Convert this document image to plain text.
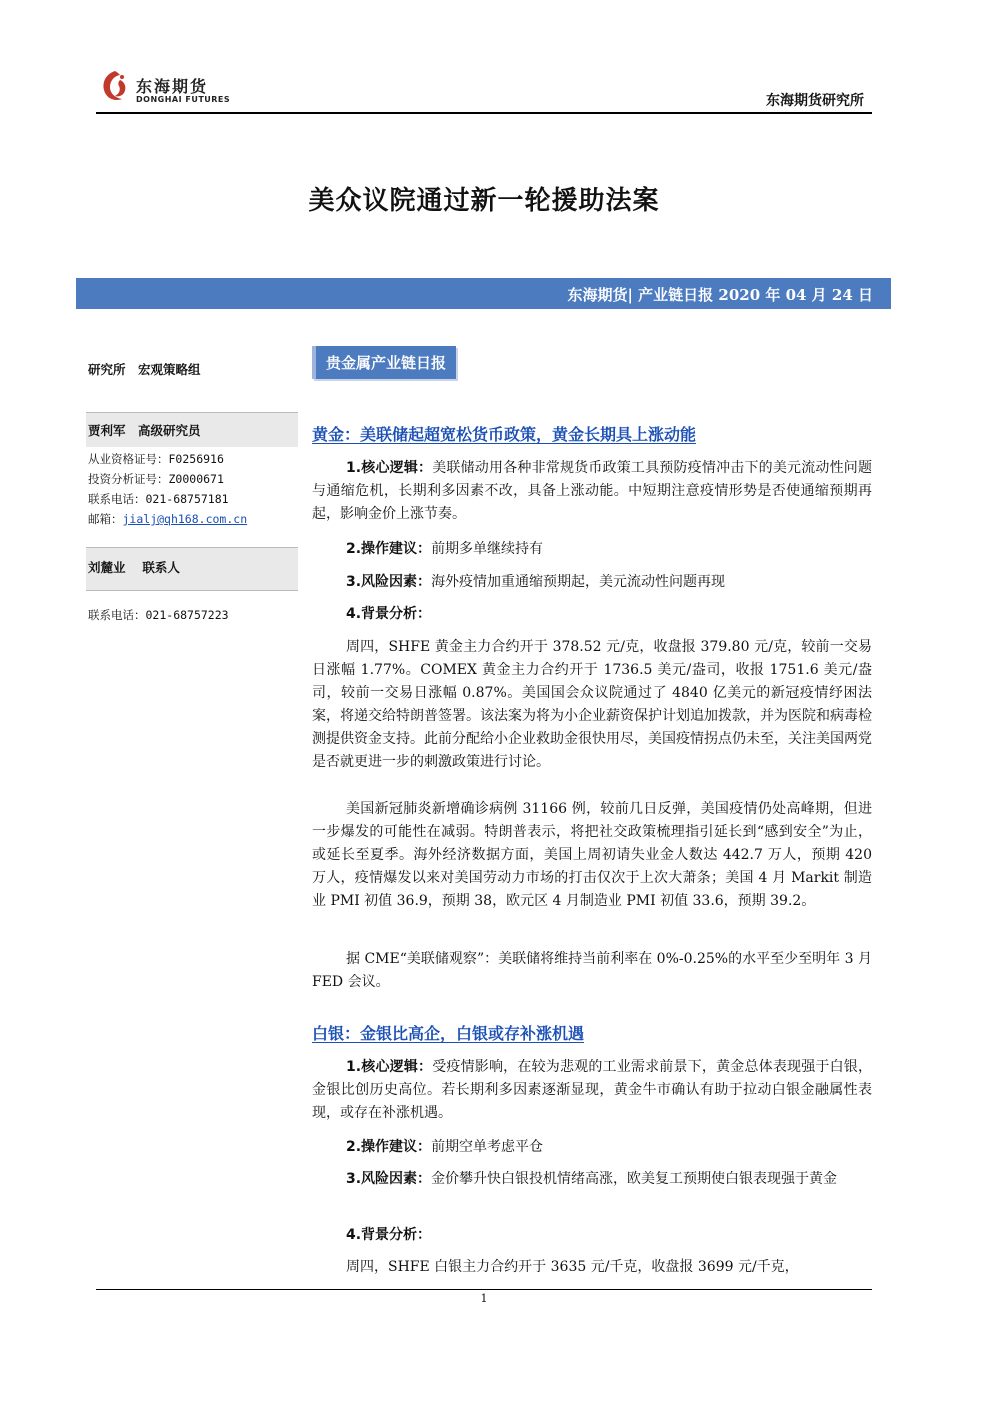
东海期货
DONGHAI FUTURES	东海期货研究所
美众议院通过新一轮援助法案
东海期货| 产业链日报 2020 年 04 月 24 日
研究所　宏观策略组
贾利军　高级研究员
从业资格证号：F0256916
投资分析证号：Z0000671
联系电话：021-68757181
邮箱：jialj@qh168.com.cn
刘麓业　 联系人
联系电话：021-68757223
贵金属产业链日报
黄金：美联储起超宽松货币政策，黄金长期具上涨动能

1.核心逻辑：美联储动用各种非常规货币政策工具预防疫情冲击下的美元流动性问题与通缩危机，长期利多因素不改，具备上涨动能。中短期注意疫情形势是否使通缩预期再起，影响金价上涨节奏。

2.操作建议：前期多单继续持有

3.风险因素：海外疫情加重通缩预期起，美元流动性问题再现

4.背景分析：

周四，SHFE 黄金主力合约开于 378.52 元/克，收盘报 379.80 元/克，较前一交易日涨幅 1.77%。COMEX 黄金主力合约开于 1736.5 美元/盎司，收报 1751.6 美元/盎司，较前一交易日涨幅 0.87%。美国国会众议院通过了 4840 亿美元的新冠疫情纾困法案，将递交给特朗普签署。该法案为将为小企业薪资保护计划追加拨款，并为医院和病毒检测提供资金支持。此前分配给小企业救助金很快用尽，美国疫情拐点仍未至，关注美国两党是否就更进一步的刺激政策进行讨论。

美国新冠肺炎新增确诊病例 31166 例，较前几日反弹，美国疫情仍处高峰期，但进一步爆发的可能性在减弱。特朗普表示，将把社交政策梳理指引延长到“感到安全”为止，或延长至夏季。海外经济数据方面，美国上周初请失业金人数达 442.7 万人，预期 420 万人，疫情爆发以来对美国劳动力市场的打击仅次于上次大萧条；美国 4 月 Markit 制造业 PMI 初值 36.9，预期 38，欧元区 4 月制造业 PMI 初值 33.6，预期 39.2。

据 CME“美联储观察”：美联储将维持当前利率在 0%-0.25%的水平至少至明年 3 月 FED 会议。

白银：金银比高企，白银或存补涨机遇

1.核心逻辑：受疫情影响，在较为悲观的工业需求前景下，黄金总体表现强于白银，金银比创历史高位。若长期利多因素逐渐显现，黄金牛市确认有助于拉动白银金融属性表现，或存在补涨机遇。

2.操作建议：前期空单考虑平仓

3.风险因素：金价攀升快白银投机情绪高涨，欧美复工预期使白银表现强于黄金

4.背景分析：

周四，SHFE 白银主力合约开于 3635 元/千克，收盘报 3699 元/千克，

1
